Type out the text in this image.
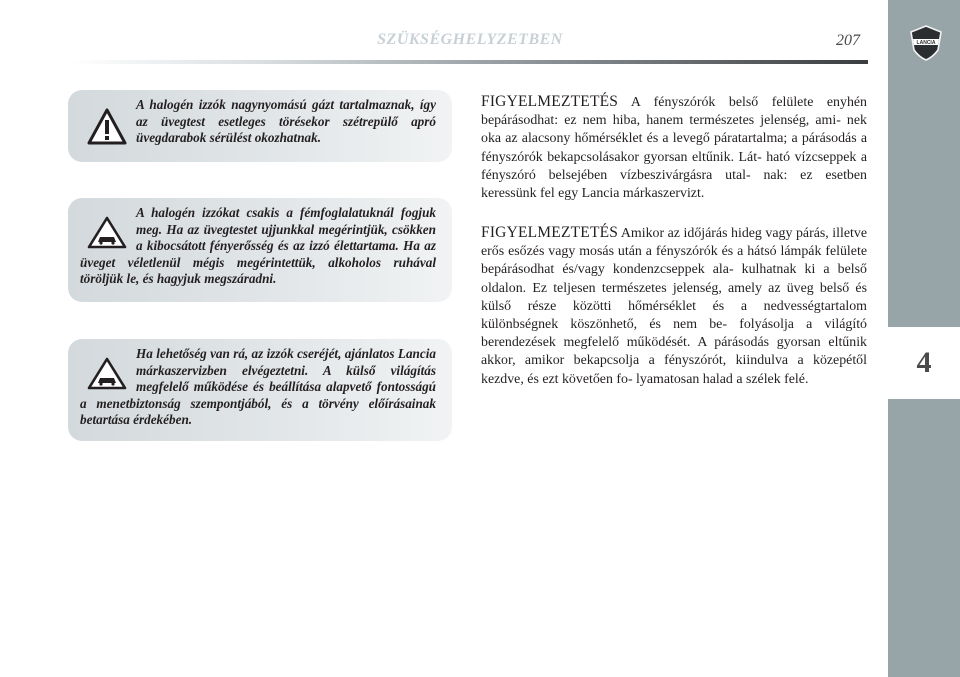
SZÜKSÉGHELYZETBEN	207	LANCIA
4
A halogén izzók nagynyomású gázt tartalmaznak, így az üvegtest esetleges törésekor szétrepülő apró üvegdarabok sérülést okozhatnak.
A halogén izzókat csakis a fémfoglalatuknál fogjuk meg. Ha az üvegtestet ujjunkkal megérintjük, csökken a kibocsátott fényerősség és az izzó élettartama. Ha az üveget véletlenül mégis megérintettük, alkoholos ruhával töröljük le, és hagyjuk megszáradni.
Ha lehetőség van rá, az izzók cseréjét, ajánlatos Lancia márkaszervizben elvégeztetni. A külső világítás megfelelő működése és beállítása alapvető fontosságú a menetbiztonság szempontjából, és a törvény előírásainak betartása érdekében.
FIGYELMEZTETÉS A fényszórók belső felülete enyhén bepárásodhat: ez nem hiba, hanem természetes jelenség, ami- nek oka az alacsony hőmérséklet és a levegő páratartalma; a párásodás a fényszórók bekapcsolásakor gyorsan eltűnik. Lát- ható vízcseppek a fényszóró belsejében vízbeszivárgásra utal- nak: ez esetben keressünk fel egy Lancia márkaszervizt.
FIGYELMEZTETÉS Amikor az időjárás hideg vagy párás, illetve erős esőzés vagy mosás után a fényszórók és a hátsó lámpák felülete bepárásodhat és/vagy kondenzcseppek ala- kulhatnak ki a belső oldalon. Ez teljesen természetes jelenség, amely az üveg belső és külső része közötti hőmérséklet és a nedvességtartalom különbségnek köszönhető, és nem be- folyásolja a világító berendezések megfelelő működését. A párásodás gyorsan eltűnik akkor, amikor bekapcsolja a fényszórót, kiindulva a közepétől kezdve, és ezt követően fo- lyamatosan halad a szélek felé.
